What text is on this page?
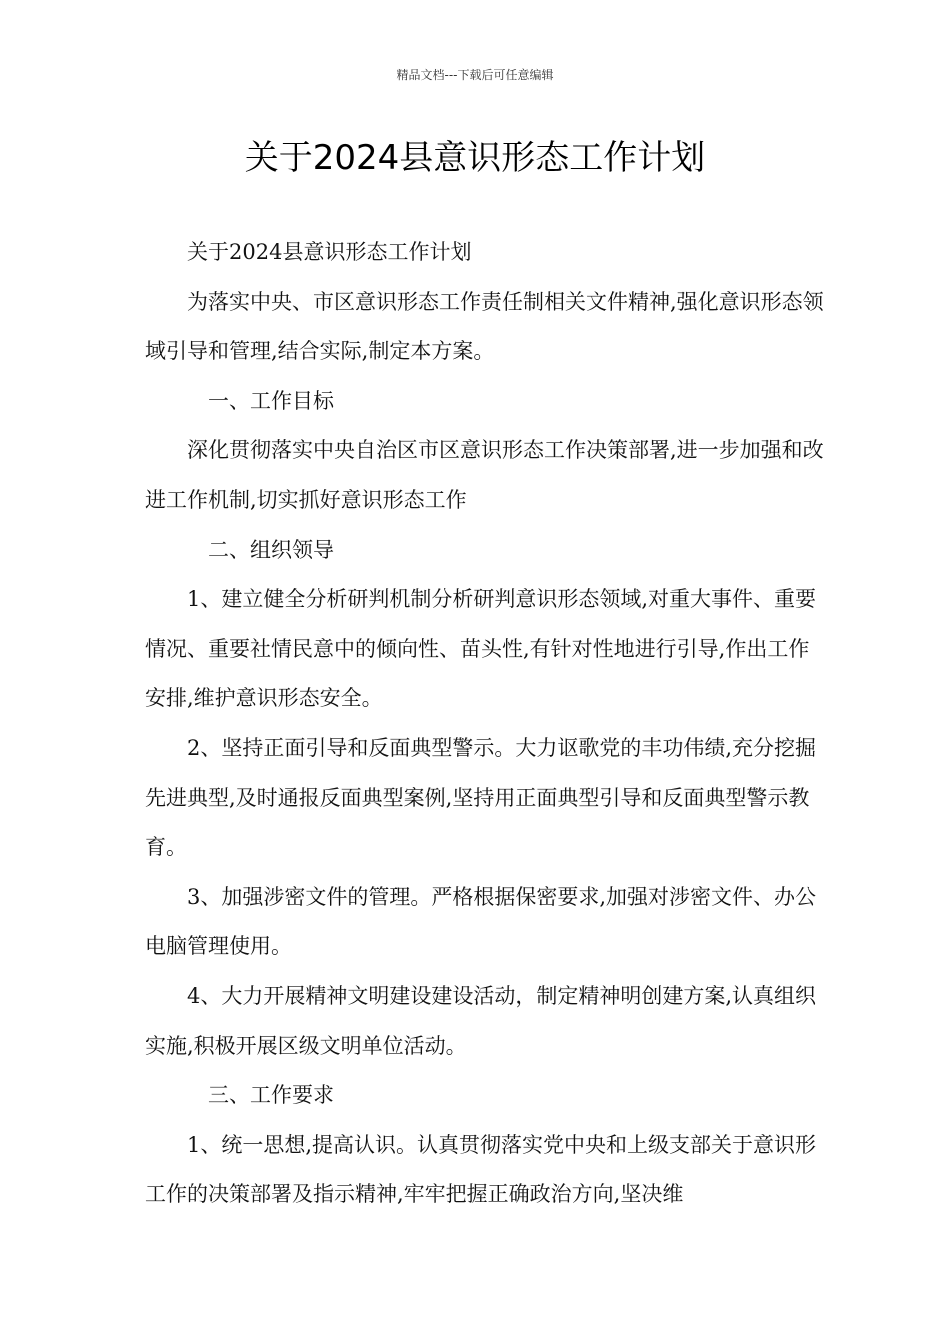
精品文档---下载后可任意编辑
关于2024县意识形态工作计划

关于2024县意识形态工作计划

为落实中央、市区意识形态工作责任制相关文件精神,强化意识形态领域引导和管理,结合实际,制定本方案。

一、工作目标

深化贯彻落实中央自治区市区意识形态工作决策部署,进一步加强和改进工作机制,切实抓好意识形态工作

二、组织领导

1、建立健全分析研判机制分析研判意识形态领域,对重大事件、重要情况、重要社情民意中的倾向性、苗头性,有针对性地进行引导,作出工作安排,维护意识形态安全。

2、坚持正面引导和反面典型警示。大力讴歌党的丰功伟绩,充分挖掘先进典型,及时通报反面典型案例,坚持用正面典型引导和反面典型警示教育。

3、加强涉密文件的管理。严格根据保密要求,加强对涉密文件、办公电脑管理使用。

4、大力开展精神文明建设建设活动，制定精神明创建方案,认真组织实施,积极开展区级文明单位活动。

三、工作要求

1、统一思想,提高认识。认真贯彻落实党中央和上级支部关于意识形工作的决策部署及指示精神,牢牢把握正确政治方向,坚决维
